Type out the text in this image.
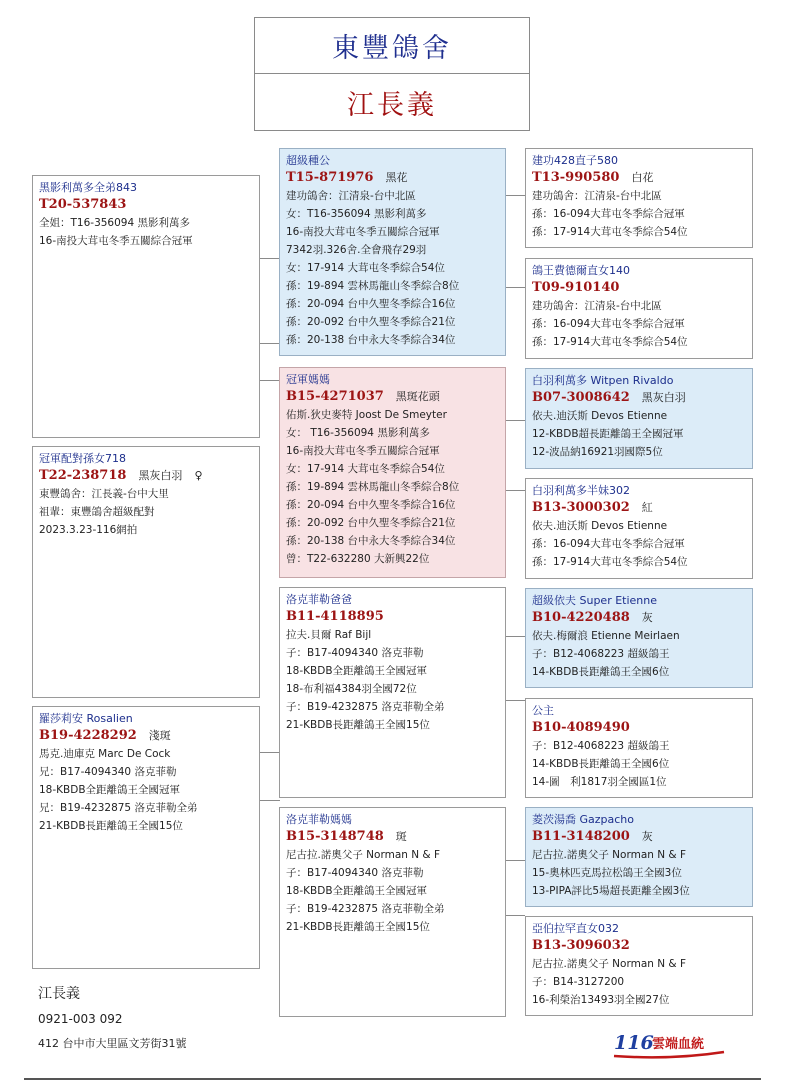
東豐鴿舍
江長義
黑影利萬多全弟843
T20-537843
全姐：T16-356094 黑影利萬多
16-南投大茸屯冬季五關綜合冠軍
冠軍配對孫女718
T22-238718 黑灰白羽 ♀
東豐鴿舍：江長義-台中大里
祖輩：東豐鴿舍超級配對
2023.3.23-116網拍
羅莎莉安 Rosalien
B19-4228292 淺斑
馬克.迪庫克 Marc De Cock
兄：B17-4094340 洛克菲勒
18-KBDB全距離鴿王全國冠軍
兄：B19-4232875 洛克菲勒全弟
21-KBDB長距離鴿王全國15位
超級種公
T15-871976 黑花
建功鴿舍：江清泉-台中北區
女：T16-356094 黑影利萬多
16-南投大茸屯冬季五關綜合冠軍
7342羽.326舍.全會飛存29羽
女：17-914 大茸屯冬季綜合54位
孫：19-894 雲林馬龍山冬季綜合8位
孫：20-094 台中久聖冬季綜合16位
孫：20-092 台中久聖冬季綜合21位
孫：20-138 台中永大冬季綜合34位
冠軍媽媽
B15-4271037 黑斑花頭
佑斯.狄史麥特 Joost De Smeyter
女： T16-356094 黑影利萬多
16-南投大茸屯冬季五關綜合冠軍
女：17-914 大茸屯冬季綜合54位
孫：19-894 雲林馬龍山冬季綜合8位
孫：20-094 台中久聖冬季綜合16位
孫：20-092 台中久聖冬季綜合21位
孫：20-138 台中永大冬季綜合34位
曾：T22-632280 大新興22位
洛克菲勒爸爸
B11-4118895
拉夫.貝爾 Raf Bijl
子：B17-4094340 洛克菲勒
18-KBDB全距離鴿王全國冠軍
18-布利福4384羽全國72位
子：B19-4232875 洛克菲勒全弟
21-KBDB長距離鴿王全國15位
洛克菲勒媽媽
B15-3148748 斑
尼古拉.諾奧父子 Norman N & F
子：B17-4094340 洛克菲勒
18-KBDB全距離鴿王全國冠軍
子：B19-4232875 洛克菲勒全弟
21-KBDB長距離鴿王全國15位
建功428直子580
T13-990580 白花
建功鴿舍：江清泉-台中北區
孫：16-094大茸屯冬季綜合冠軍
孫：17-914大茸屯冬季綜合54位
鴿王費德爾直女140
T09-910140
建功鴿舍：江清泉-台中北區
孫：16-094大茸屯冬季綜合冠軍
孫：17-914大茸屯冬季綜合54位
白羽利萬多 Witpen Rivaldo
B07-3008642 黑灰白羽
依夫.迪沃斯 Devos Etienne
12-KBDB超長距離鴿王全國冠軍
12-波品納16921羽國際5位
白羽利萬多半妹302
B13-3000302 紅
依夫.迪沃斯 Devos Etienne
孫：16-094大茸屯冬季綜合冠軍
孫：17-914大茸屯冬季綜合54位
超級依夫 Super Etienne
B10-4220488 灰
依夫.梅爾浪 Etienne Meirlaen
子：B12-4068223 超級鴿王
14-KBDB長距離鴿王全國6位
公主
B10-4089490
子：B12-4068223 超級鴿王
14-KBDB長距離鴿王全國6位
14-圖　利1817羽全國區1位
菱茨湯喬 Gazpacho
B11-3148200 灰
尼古拉.諾奧父子 Norman N & F
15-奧林匹克馬拉松鴿王全國3位
13-PIPA評比5場超長距離全國3位
亞伯拉罕直女032
B13-3096032
尼古拉.諾奧父子 Norman N & F
子：B14-3127200
16-利榮治13493羽全國27位
江長義
0921-003 092
412 台中市大里區文芳街31號	116
雲端血統
